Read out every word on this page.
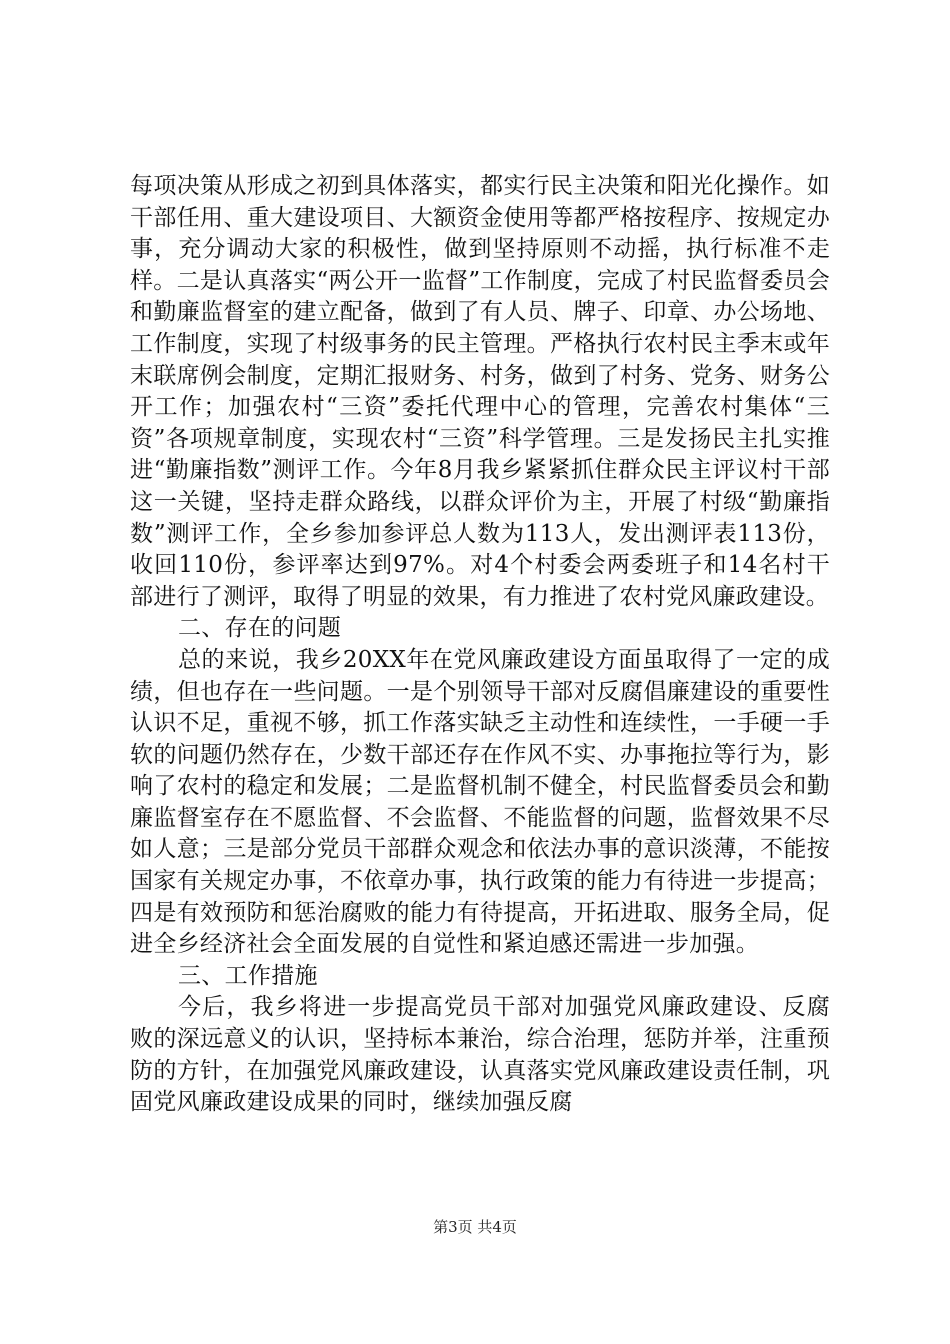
每项决策从形成之初到具体落实，都实行民主决策和阳光化操作。如干部任用、重大建设项目、大额资金使用等都严格按程序、按规定办事，充分调动大家的积极性，做到坚持原则不动摇，执行标准不走样。二是认真落实“两公开一监督”工作制度，完成了村民监督委员会和勤廉监督室的建立配备，做到了有人员、牌子、印章、办公场地、工作制度，实现了村级事务的民主管理。严格执行农村民主季末或年末联席例会制度，定期汇报财务、村务，做到了村务、党务、财务公开工作；加强农村“三资”委托代理中心的管理，完善农村集体“三资”各项规章制度，实现农村“三资”科学管理。三是发扬民主扎实推进“勤廉指数”测评工作。今年8月我乡紧紧抓住群众民主评议村干部这一关键，坚持走群众路线，以群众评价为主，开展了村级“勤廉指数”测评工作，全乡参加参评总人数为113人，发出测评表113份，收回110份，参评率达到97%。对4个村委会两委班子和14名村干部进行了测评，取得了明显的效果，有力推进了农村党风廉政建设。

二、存在的问题

总的来说，我乡20XX年在党风廉政建设方面虽取得了一定的成绩，但也存在一些问题。一是个别领导干部对反腐倡廉建设的重要性认识不足，重视不够，抓工作落实缺乏主动性和连续性，一手硬一手软的问题仍然存在，少数干部还存在作风不实、办事拖拉等行为，影响了农村的稳定和发展；二是监督机制不健全，村民监督委员会和勤廉监督室存在不愿监督、不会监督、不能监督的问题，监督效果不尽如人意；三是部分党员干部群众观念和依法办事的意识淡薄，不能按国家有关规定办事，不依章办事，执行政策的能力有待进一步提高；四是有效预防和惩治腐败的能力有待提高，开拓进取、服务全局，促进全乡经济社会全面发展的自觉性和紧迫感还需进一步加强。

三、工作措施

今后，我乡将进一步提高党员干部对加强党风廉政建设、反腐败的深远意义的认识，坚持标本兼治，综合治理，惩防并举，注重预防的方针，在加强党风廉政建设，认真落实党风廉政建设责任制，巩固党风廉政建设成果的同时，继续加强反腐

第3页 共4页
